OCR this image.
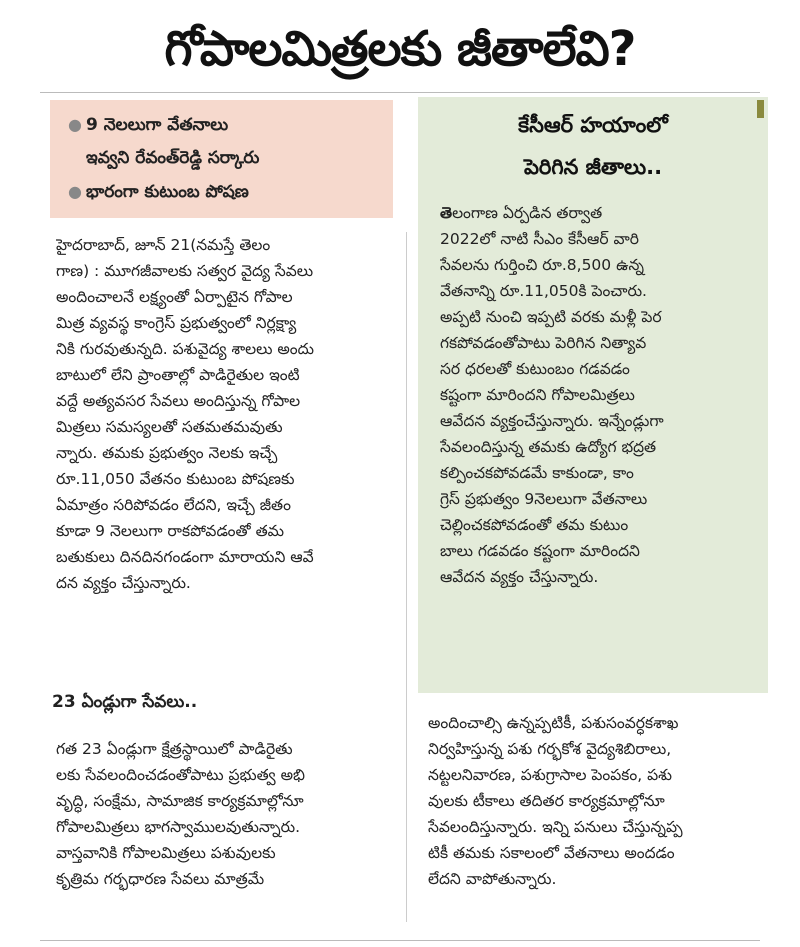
గోపాలమిత్రలకు జీతాలేవి?
● 9 నెలలుగా వేతనాలు
ఇవ్వని రేవంత్‌రెడ్డి సర్కారు
● భారంగా కుటుంబ పోషణ
హైదరాబాద్, జూన్ 21(నమస్తే తెలం
గాణ) : మూగజీవాలకు సత్వర వైద్య సేవలు
అందించాలనే లక్ష్యంతో ఏర్పాటైన గోపాల
మిత్ర వ్యవస్థ కాంగ్రెస్ ప్రభుత్వంలో నిర్లక్ష్యా
నికి గురవుతున్నది. పశువైద్య శాలలు అందు
బాటులో లేని ప్రాంతాల్లో పాడిరైతుల ఇంటి
వద్దే అత్యవసర సేవలు అందిస్తున్న గోపాల
మిత్రలు సమస్యలతో సతమతమవుతు
న్నారు. తమకు ప్రభుత్వం నెలకు ఇచ్చే
రూ.11,050 వేతనం కుటుంబ పోషణకు
ఏమాత్రం సరిపోవడం లేదని, ఇచ్చే జీతం
కూడా 9 నెలలుగా రాకపోవడంతో తమ
బతుకులు దినదినగండంగా మారాయని ఆవే
దన వ్యక్తం చేస్తున్నారు.
23 ఏండ్లుగా సేవలు..
గత 23 ఏండ్లుగా క్షేత్రస్థాయిలో పాడిరైతు
లకు సేవలందించడంతోపాటు ప్రభుత్వ అభి
వృద్ధి, సంక్షేమ, సామాజిక కార్యక్రమాల్లోనూ
గోపాలమిత్రలు భాగస్వాములవుతున్నారు.
వాస్తవానికి గోపాలమిత్రలు పశువులకు
కృత్రిమ గర్భధారణ సేవలు మాత్రమే
కేసీఆర్ హయాంలో
పెరిగిన జీతాలు..
తెలంగాణ ఏర్పడిన తర్వాత
2022లో నాటి సీఎం కేసీఆర్ వారి
సేవలను గుర్తించి రూ.8,500 ఉన్న
వేతనాన్ని రూ.11,050కి పెంచారు.
అప్పటి నుంచి ఇప్పటి వరకు మళ్లీ పెర
గకపోవడంతోపాటు పెరిగిన నిత్యావ
సర ధరలతో కుటుంబం గడవడం
కష్టంగా మారిందని గోపాలమిత్రలు
ఆవేదన వ్యక్తంచేస్తున్నారు. ఇన్నేండ్లుగా
సేవలందిస్తున్న తమకు ఉద్యోగ భద్రత
కల్పించకపోవడమే కాకుండా, కాం
గ్రెస్ ప్రభుత్వం 9నెలలుగా వేతనాలు
చెల్లించకపోవడంతో తమ కుటుం
బాలు గడవడం కష్టంగా మారిందని
ఆవేదన వ్యక్తం చేస్తున్నారు.
అందించాల్సి ఉన్నప్పటికీ, పశుసంవర్ధకశాఖ
నిర్వహిస్తున్న పశు గర్భకోశ వైద్యశిబిరాలు,
నట్టలనివారణ, పశుగ్రాసాల పెంపకం, పశు
వులకు టీకాలు తదితర కార్యక్రమాల్లోనూ
సేవలందిస్తున్నారు. ఇన్ని పనులు చేస్తున్నప్ప
టికీ తమకు సకాలంలో వేతనాలు అందడం
లేదని వాపోతున్నారు.
